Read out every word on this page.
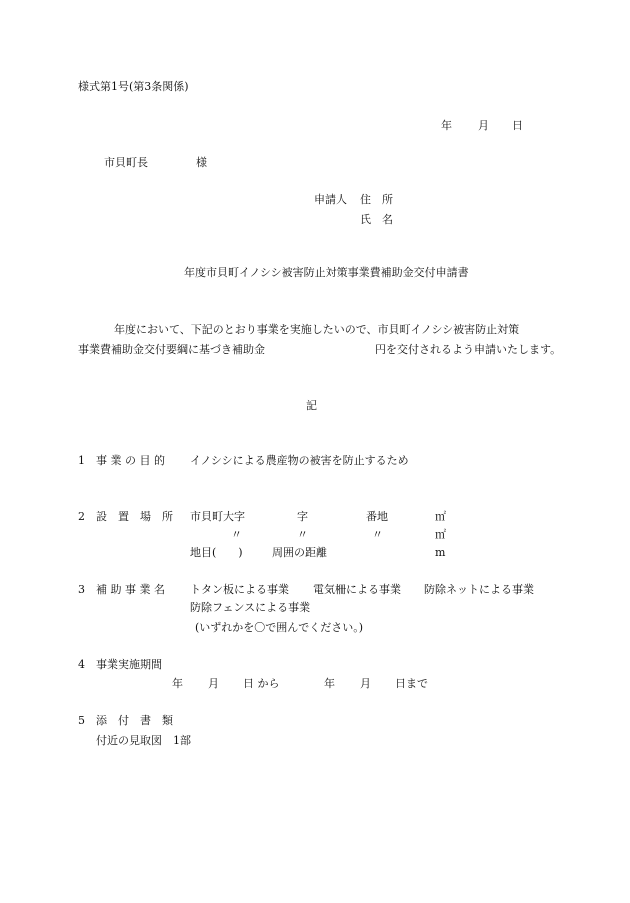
様式第1号(第3条関係)
年 月 日
市貝町長	様
申請人 住　所
氏　名
年度市貝町イノシシ被害防止対策事業費補助金交付申請書
年度において、下記のとおり事業を実施したいので、市貝町イノシシ被害防止対策
事業費補助金交付要綱に基づき補助金	円を交付されるよう申請いたします。
記
1 事 業 の 目 的 イノシシによる農産物の被害を防止するため
2 設　置　場　所 市貝町大字	字	番地	㎡
〃	〃	〃	㎡
地目(　　)	周囲の距離	m
3 補 助 事 業 名 トタン板による事業 電気柵による事業 防除ネットによる事業
防除フェンスによる事業
(いずれかを〇で囲んでください。)
4 事業実施期間
年 月 日 から	年 月 日まで
5 添　付　書　類
付近の見取図　1部
